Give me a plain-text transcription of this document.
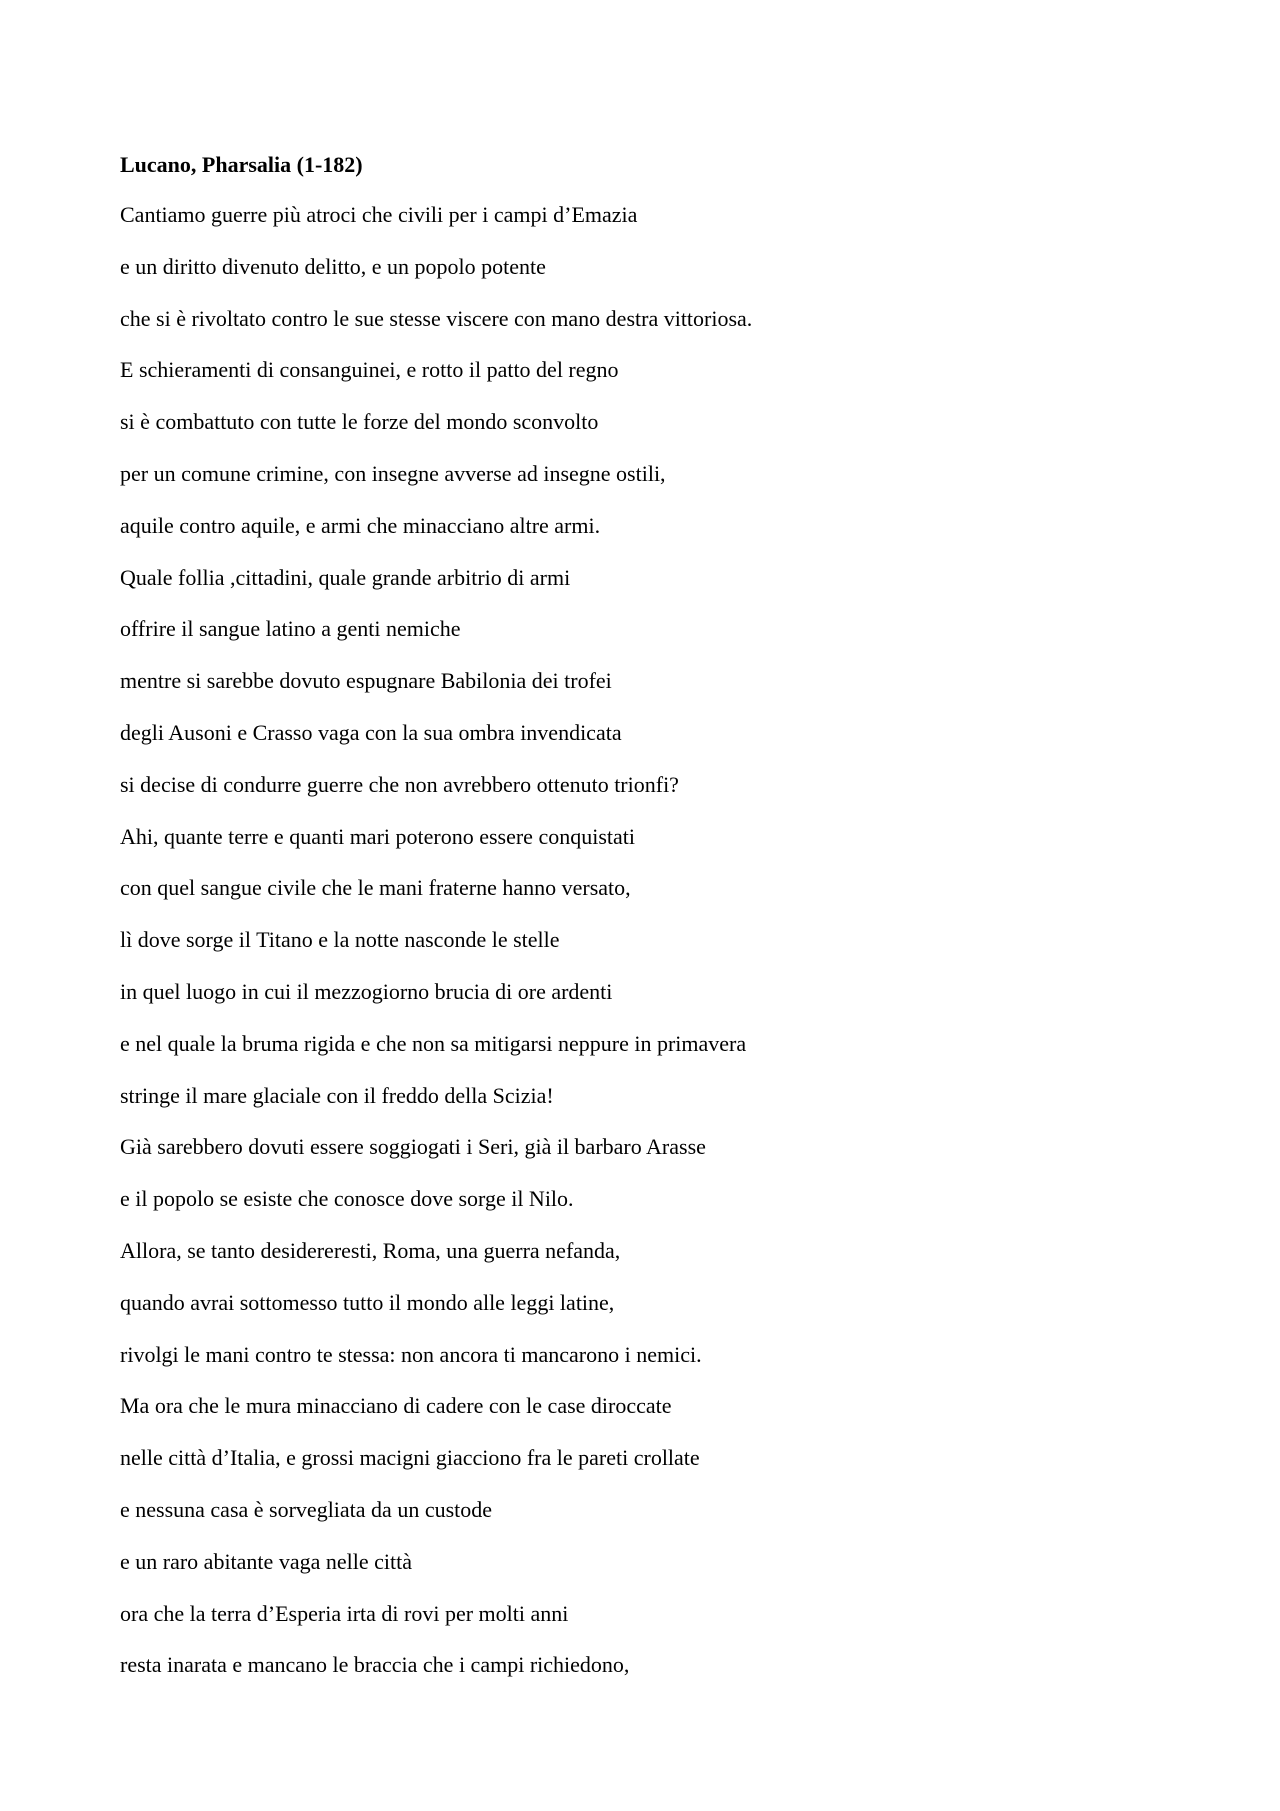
Lucano, Pharsalia (1-182)
Cantiamo guerre più atroci che civili per i campi d’Emazia
e un diritto divenuto delitto, e un popolo potente
che si è rivoltato contro le sue stesse viscere con mano destra vittoriosa.
E schieramenti di consanguinei, e rotto il patto del regno
si è combattuto con tutte le forze del mondo sconvolto
per un comune crimine, con insegne avverse ad insegne ostili,
aquile contro aquile, e armi che minacciano altre armi.
Quale follia ,cittadini, quale grande arbitrio di armi
offrire il sangue latino a genti nemiche
mentre si sarebbe dovuto espugnare Babilonia dei trofei
degli Ausoni e Crasso vaga con la sua ombra invendicata
si decise di condurre guerre che non avrebbero ottenuto trionfi?
Ahi, quante terre e quanti mari poterono essere conquistati
con quel sangue civile che le mani fraterne hanno versato,
lì dove sorge il Titano e la notte nasconde le stelle
in quel luogo in cui il mezzogiorno brucia di ore ardenti
e nel quale la bruma rigida e che non sa mitigarsi neppure in primavera
stringe il mare glaciale con il freddo della Scizia!
Già sarebbero dovuti essere soggiogati i Seri, già il barbaro Arasse
e il popolo se esiste che conosce dove sorge il Nilo.
Allora, se tanto desidereresti, Roma, una guerra nefanda,
quando avrai sottomesso tutto il mondo alle leggi latine,
rivolgi le mani contro te stessa: non ancora ti mancarono i nemici.
Ma ora che le mura minacciano di cadere con le case diroccate
nelle città d’Italia, e grossi macigni giacciono fra le pareti crollate
e nessuna casa è sorvegliata da un custode
e un raro abitante vaga nelle città
ora che la terra d’Esperia irta di rovi per molti anni
resta inarata e mancano le braccia che i campi richiedono,
